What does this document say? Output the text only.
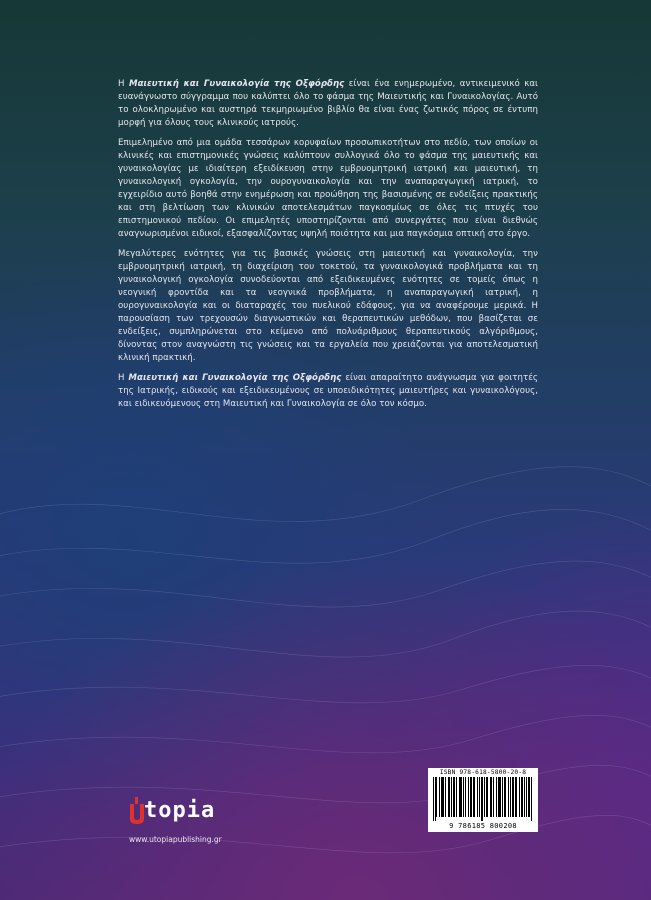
Η Μαιευτική και Γυναικολογία της Οξφόρδης είναι ένα ενημερωμένο, αντικειμενικό και ευανάγνωστο σύγγραμμα που καλύπτει όλο το φάσμα της Μαιευτικής και Γυναικολογίας. Αυτό το ολοκληρωμένο και αυστηρά τεκμηριωμένο βιβλίο θα είναι ένας ζωτικός πόρος σε έντυπη μορφή για όλους τους κλινικούς ιατρούς.

Επιμελημένο από μια ομάδα τεσσάρων κορυφαίων προσωπικοτήτων στο πεδίο, των οποίων οι κλινικές και επιστημονικές γνώσεις καλύπτουν συλλογικά όλο το φάσμα της μαιευτικής και γυναικολογίας με ιδιαίτερη εξειδίκευση στην εμβρυομητρική ιατρική και μαιευτική, τη γυναικολογική ογκολογία, την ουρογυναικολογία και την αναπαραγωγική ιατρική, το εγχειρίδιο αυτό βοηθά στην ενημέρωση και προώθηση της βασισμένης σε ενδείξεις πρακτικής και στη βελτίωση των κλινικών αποτελεσμάτων παγκοσμίως σε όλες τις πτυχές του επιστημονικού πεδίου. Οι επιμελητές υποστηρίζονται από συνεργάτες που είναι διεθνώς αναγνωρισμένοι ειδικοί, εξασφαλίζοντας υψηλή ποιότητα και μια παγκόσμια οπτική στο έργο.

Μεγαλύτερες ενότητες για τις βασικές γνώσεις στη μαιευτική και γυναικολογία, την εμβρυομητρική ιατρική, τη διαχείριση του τοκετού, τα γυναικολογικά προβλήματα και τη γυναικολογική ογκολογία συνοδεύονται από εξειδικευμένες ενότητες σε τομείς όπως η νεογνική φροντίδα και τα νεογνικά προβλήματα, η αναπαραγωγική ιατρική, η ουρογυναικολογία και οι διαταραχές του πυελικού εδάφους, για να αναφέρουμε μερικά. Η παρουσίαση των τρεχουσών διαγνωστικών και θεραπευτικών μεθόδων, που βασίζεται σε ενδείξεις, συμπληρώνεται στο κείμενο από πολυάριθμους θεραπευτικούς αλγόριθμους, δίνοντας στον αναγνώστη τις γνώσεις και τα εργαλεία που χρειάζονται για αποτελεσματική κλινική πρακτική.

Η Μαιευτική και Γυναικολογία της Οξφόρδης είναι απαραίτητο ανάγνωσμα για φοιτητές της Ιατρικής, ειδικούς και εξειδικευμένους σε υποειδικότητες μαιευτήρες και γυναικολόγους, και ειδικευόμενους στη Μαιευτική και Γυναικολογία σε όλο τον κόσμο.

topia
www.utopiapublishing.gr
ISBN 978-618-5800-20-8
9 786185 800208
